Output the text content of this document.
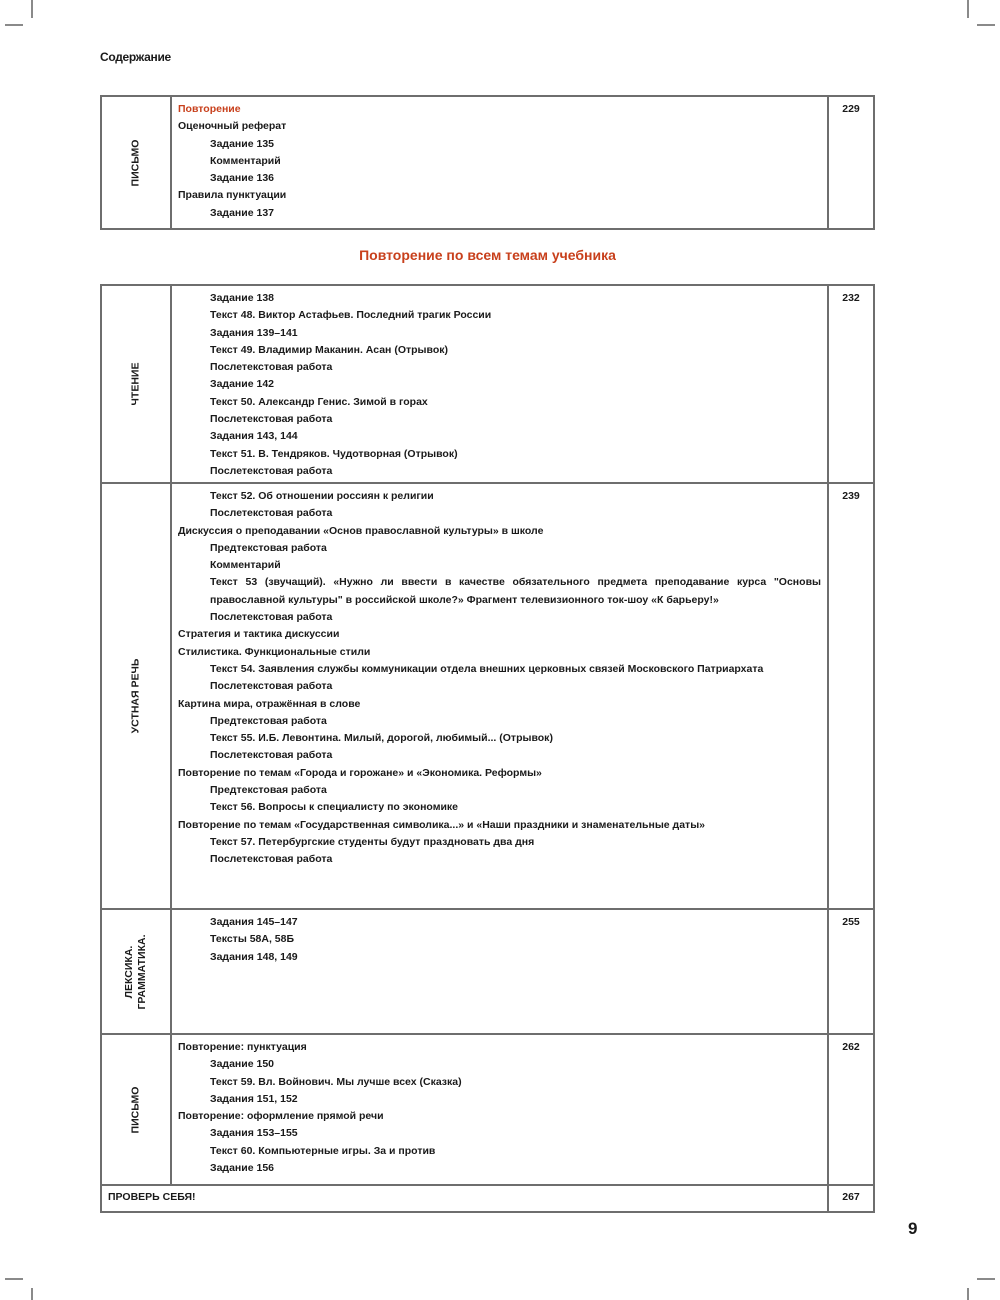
Содержание
ПИСЬМО
Повторение
Оценочный реферат
Задание 135
Комментарий
Задание 136
Правила пунктуации
Задание 137
229
Повторение по всем темам учебника
ЧТЕНИЕ
Задание 138
Текст 48. Виктор Астафьев. Последний трагик России
Задания 139–141
Текст 49. Владимир Маканин. Асан (Отрывок)
Послетекстовая работа
Задание 142
Текст 50. Александр Генис. Зимой в горах
Послетекстовая работа
Задания 143, 144
Текст 51. В. Тендряков. Чудотворная (Отрывок)
Послетекстовая работа
232
УСТНАЯ РЕЧЬ
Текст 52. Об отношении россиян к религии
Послетекстовая работа
Дискуссия о преподавании «Основ православной культуры» в школе
Предтекстовая работа
Комментарий
Текст 53 (звучащий). «Нужно ли ввести в качестве обязательного предмета преподавание курса "Основы православной культуры" в российской школе?» Фрагмент телевизионного ток-шоу «К барьеру!»
Послетекстовая работа
Стратегия и тактика дискуссии
Стилистика. Функциональные стили
Текст 54. Заявления службы коммуникации отдела внешних церковных связей Московского Патриархата
Послетекстовая работа
Картина мира, отражённая в слове
Предтекстовая работа
Текст 55. И.Б. Левонтина. Милый, дорогой, любимый... (Отрывок)
Послетекстовая работа
Повторение по темам «Города и горожане» и «Экономика. Реформы»
Предтекстовая работа
Текст 56. Вопросы к специалисту по экономике
Повторение по темам «Государственная символика...» и «Наши праздники и знаменательные даты»
Текст 57. Петербургские студенты будут праздновать два дня
Послетекстовая работа
239
ЛЕКСИКА.
ГРАММАТИКА.
Задания 145–147
Тексты 58А, 58Б
Задания 148, 149
255
ПИСЬМО
Повторение: пунктуация
Задание 150
Текст 59. Вл. Войнович. Мы лучше всех (Сказка)
Задания 151, 152
Повторение: оформление прямой речи
Задания 153–155
Текст 60. Компьютерные игры. За и против
Задание 156
262
ПРОВЕРЬ СЕБЯ!	267
9
